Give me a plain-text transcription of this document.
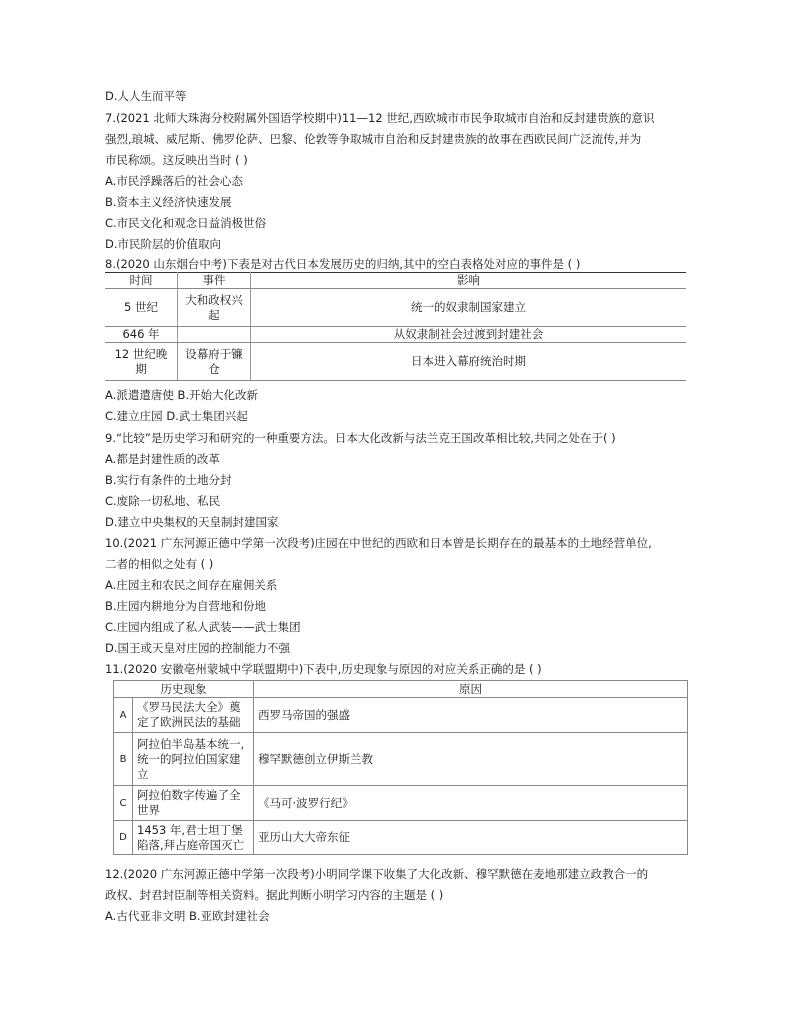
D.人人生而平等
7.(2021 北师大珠海分校附属外国语学校期中)11—12 世纪,西欧城市市民争取城市自治和反封建贵族的意识
强烈,琅城、威尼斯、佛罗伦萨、巴黎、伦敦等争取城市自治和反封建贵族的故事在西欧民间广泛流传,并为
市民称颂。这反映出当时 ( )
A.市民浮躁落后的社会心态
B.资本主义经济快速发展
C.市民文化和观念日益消极世俗
D.市民阶层的价值取向
8.(2020 山东烟台中考)下表是对古代日本发展历史的归纳,其中的空白表格处对应的事件是 ( )
时间	事件	影响
5 世纪	大和政权兴起	统一的奴隶制国家建立
646 年		从奴隶制社会过渡到封建社会
12 世纪晚期	设幕府于镰仓	日本进入幕府统治时期
A.派遣遣唐使 B.开始大化改新
C.建立庄园 D.武士集团兴起
9.“比较”是历史学习和研究的一种重要方法。日本大化改新与法兰克王国改革相比较,共同之处在于( )
A.都是封建性质的改革
B.实行有条件的土地分封
C.废除一切私地、私民
D.建立中央集权的天皇制封建国家
10.(2021 广东河源正德中学第一次段考)庄园在中世纪的西欧和日本曾是长期存在的最基本的土地经营单位,
二者的相似之处有 ( )
A.庄园主和农民之间存在雇佣关系
B.庄园内耕地分为自营地和份地
C.庄园内组成了私人武装——武士集团
D.国王或天皇对庄园的控制能力不强
11.(2020 安徽亳州蒙城中学联盟期中)下表中,历史现象与原因的对应关系正确的是 ( )
历史现象		原因
A	《罗马民法大全》奠定了欧洲民法的基础	西罗马帝国的强盛
B	阿拉伯半岛基本统一,统一的阿拉伯国家建立	穆罕默德创立伊斯兰教
C	阿拉伯数字传遍了全世界	《马可·波罗行纪》
D	1453 年,君士坦丁堡陷落,拜占庭帝国灭亡	亚历山大大帝东征
12.(2020 广东河源正德中学第一次段考)小明同学课下收集了大化改新、穆罕默德在麦地那建立政教合一的
政权、封君封臣制等相关资料。据此判断小明学习内容的主题是 ( )
A.古代亚非文明 B.亚欧封建社会
